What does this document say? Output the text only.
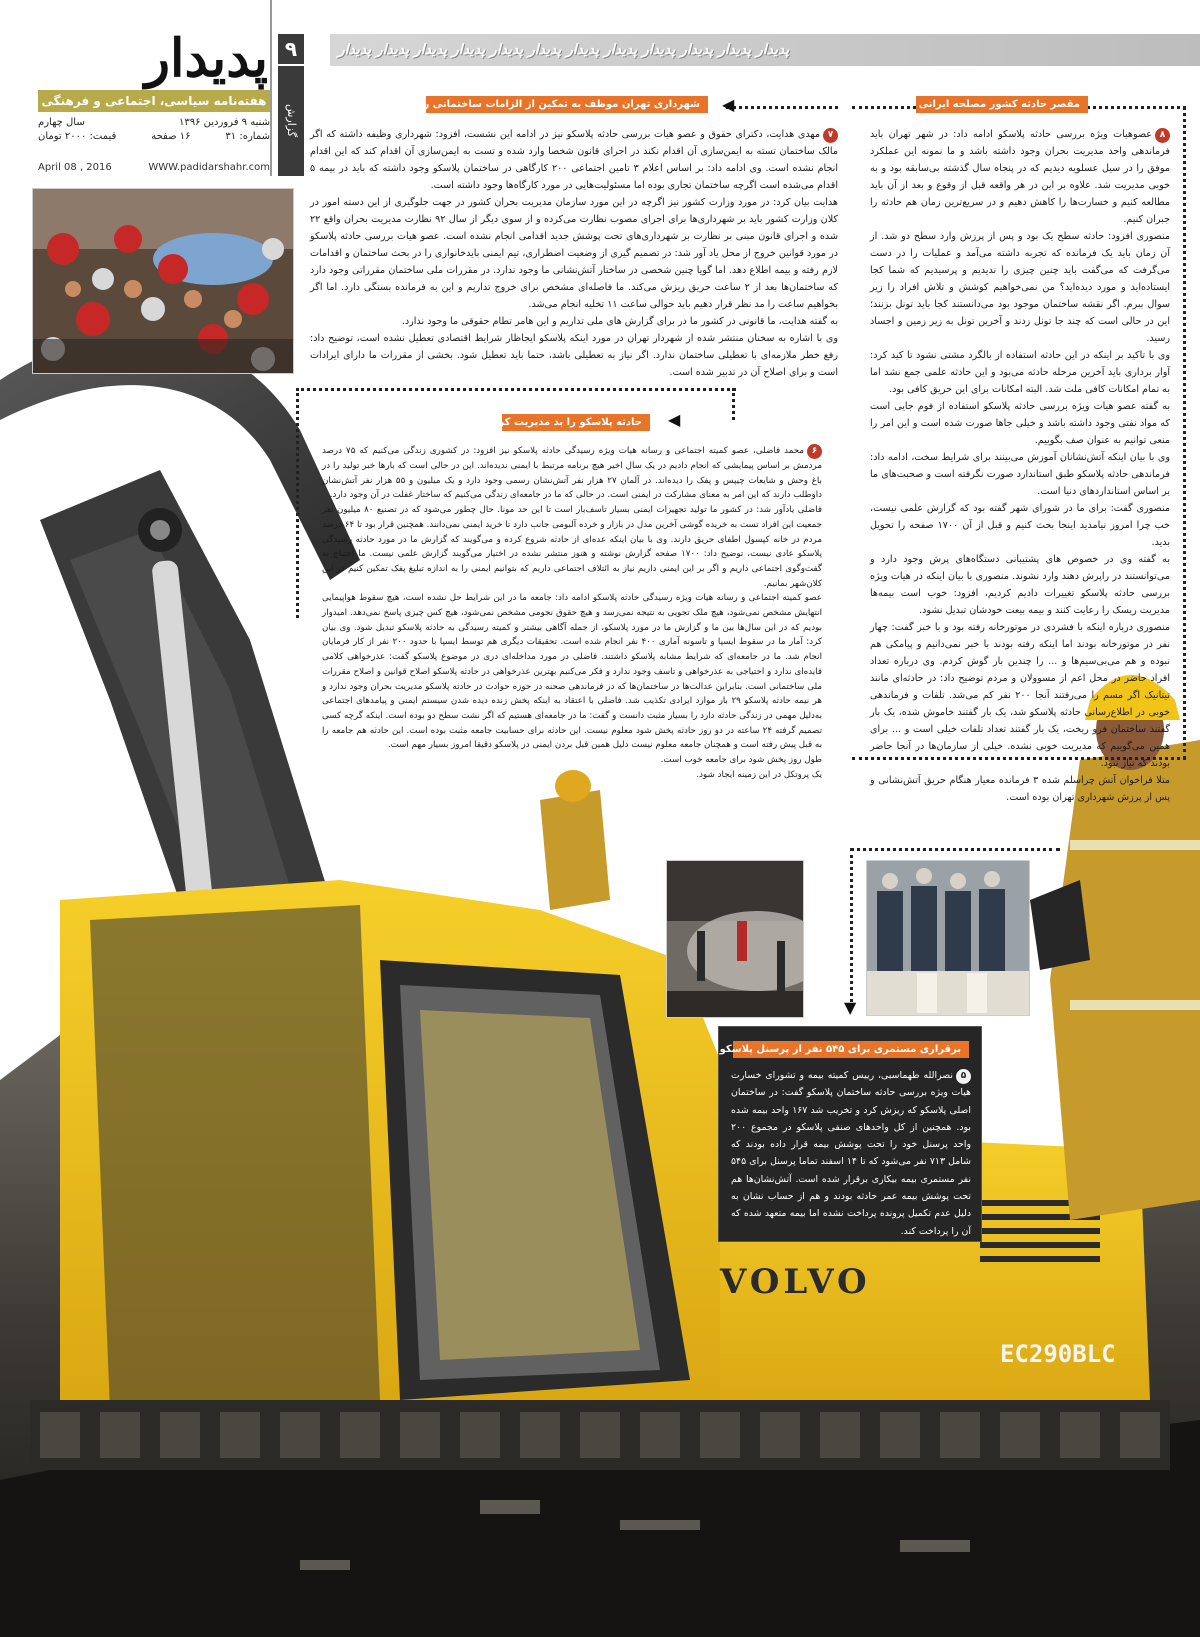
پدیدار
هفته‌نامه سیاسی، اجتماعی و فرهنگی
شنبه ۹ فروردین ۱۳۹۶
سال چهارم
شماره: ۳۱
۱۶ صفحه
قیمت: ۲۰۰۰ تومان
April 08 , 2016	WWW.padidarshahr.com
۹
گزارش
پدیدار پدیدار پدیدار پدیدار پدیدار پدیدار پدیدار پدیدار پدیدار پدیدار پدیدار پدیدار
◀
◀
▼
مقصر حادثه کشور مصلحه ایرانی

۸عصوهیات ویژه بررسی حادثه پلاسکو ادامه داد: در شهر تهران باید فرماندهی واحد مدیریت بحران وجود داشته باشد و ما نمونه این عملکرد موفق را در سیل عسلویه دیدیم که در پنجاه سال گذشته بی‌سابقه بود و به خوبی مدیریت شد. علاوه بر این در هر واقعه قبل از وقوع و بعد از آن باید مطالعه کنیم و خسارت‌ها را کاهش دهیم و در سریع‌ترین زمان هم حادثه را جبران کنیم.

منصوری افزود: حادثه سطح یک بود و پس از پرزش وارد سطح دو شد. از آن زمان باید یک فرمانده که تجربه داشته می‌آمد و عملیات را در دست می‌گرفت که می‌گفت باید چنین چیزی را ندیدیم و پرسیدیم که شما کجا ایستاده‌اید و مورد دیده‌اید؟ من نمی‌خواهیم کوشش و تلاش افراد را زیر سوال ببرم. اگر نقشه ساختمان موجود بود می‌دانستند کجا باید تونل بزنند؛ این در حالی است که چند جا تونل زدند و آخرین تونل به زیر زمین و اجساد رسید.

وی با تاکید بر اینکه در این حادثه استفاده از بالگرد مشتی نشود تا کید کرد: آوار برداری باید آخرین مرحله حادثه می‌بود و این حادثه علمی جمع نشد اما به تمام امکانات کافی ملت شد. البته امکانات برای این حریق کافی بود.

به گفته عصو هیات ویژه بررسی حادثه پلاسکو استفاده از فوم جایی است که مواد نفتی وجود داشته باشد و خیلی جاها صورت شده است و این امر را منعی توانیم به عنوان صف بگوییم.

وی با بیان اینکه آتش‌نشانان آموزش می‌بینند برای شرایط سخت، ادامه داد: فرماندهی حادثه پلاسکو طبق استاندارد صورت نگرفته است و صحبت‌های ما بر اساس استانداردهای دنیا است.

منصوری گفت: برای ما در شورای شهر گفته بود که گزارش علمی نیست، خب چرا امروز نیامدید اینجا بحث کنیم و قبل از آن ۱۷۰۰ صفحه را تحویل بدید.

به گفته وی در خصوص های پشتیبانی دستگاه‌های پرش وجود دارد و می‌توانستند در راپرش دهند وارد نشوند. منصوری با بیان اینکه در هیات ویژه بررسی حادثه پلاسکو تغییرات دادیم کردیم، افزود: خوب است بیمه‌ها مدیریت ریسک را رعایت کنند و بیمه بیعت خودشان تبدیل نشود.

منصوری درباره اینکه با فشردی در موتورخانه رفته بود و با خبر گفت: چهار نفر در موتورخانه بودند اما اینکه رفته بودند با خبر نمی‌دانیم و پیامکی هم نبوده و هم می‌بی‌سیم‌ها و ... را چندین بار گوش کردم. وی درباره تعداد افراد حاضر در محل اعم از مسوولان و مردم توضیح داد: در حادثه‌ای مانند تیتانیک اگر مسم را می‌رفتند آنجا ۲۰۰ نفر کم می‌شد. تلفات و فرماندهی خوبی در اطلاع‌رسانی حادثه پلاسکو شد، یک بار گفتند خاموش شده، یک بار گفتند ساختمان فرو ریخت، یک بار گفتند تعداد تلفات خیلی است و ... برای همین می‌گوییم که مدیریت خوبی نشده. خیلی از سازمان‌ها در آنجا حاضر بودند که نیاز نبود.

متلا فراخوان آتش چراسلم شده ۳ فرمانده معیار هنگام حریق آتش‌نشانی و پس از پرزش شهرداری تهران بوده است.

شهرداری تهران موظف به تمکین از الزامات ساختمانی رفاه نبوده

۷مهدی هدایت، دکترای حقوق و عصو هیات بررسی حادثه پلاسکو نیز در ادامه این نشست، افزود: شهرداری وظیفه داشته که اگر مالک ساختمان تسته به ایمن‌سازی آن اقدام نکند در اجرای قانون شخصا وارد شده و تست به ایمن‌سازی آن اقدام کند که این اقدام انجام نشده است. وی ادامه داد: بر اساس اعلام ۳ تامین اجتماعی ۲۰۰ کارگاهی در ساختمان پلاسکو وجود داشته که باید در بیمه ۵ اقدام می‌شده است اگرچه ساختمان تجاری بوده اما مسئولیت‌هایی در مورد کارگاه‌ها وجود داشته است.

هدایت بیان کرد: در مورد وزارت کشور نیز اگرچه در این مورد سازمان مدیریت بحران کشور در جهت جلوگیری از این دسته امور در کلان وزارت کشور باید بر شهرداری‌ها برای اجرای مصوب نظارت می‌کرده و از سوی دیگر از سال ۹۲ نظارت مدیریت بحران واقع ۲۲ شده و اجرای قانون مبنی بر نظارت بر شهرداری‌های تحت پوشش جدید اقدامی انجام نشده است. عصو هیات بررسی حادثه پلاسکو در مورد قوانین خروج از محل یاد آور شد: در تصمیم گیری از وضعیت اضطراری، تیم ایمنی بایدخانواری را در بحث ساختمان و اقدامات لازم رفته و بیمه اطلاع دهد. اما گویا چنین شخصی در ساختار آتش‌نشانی ما وجود ندارد. در مقررات ملی ساختمان مقرراتی وجود دارد که ساختمان‌ها بعد از ۲ ساعت حریق ریزش می‌کند. ما فاصله‌ای مشخص برای خروج تداریم و این به فرمانده بستگی دارد. اما اگر بخواهیم ساعت را مد نظر قرار دهیم باید حوالی ساعت ۱۱ تخلیه انجام می‌شد.

به گفته هدایت، ما قانونی در کشور ما در برای گزارش های ملی تداریم و این هامر تطام حقوقی ما وجود ندارد.

وی با اشاره به سخنان منتشر شده از شهردار تهران در مورد اینکه پلاسکو ایجاظار شرایط اقتصادی تعطیل نشده است، توضیح داد: رفع خطر ملازمه‌ای با تعطیلی ساختمان ندارد. اگر نیاز به تعطیلی باشد، حتما باید تعطیل شود. بخشی از مقررات ما دارای ایرادات است و برای اصلاح آن در تدبیر شده است.

حادثه پلاسکو را بد مدیریت کردیم

۶محمد فاضلی، عصو کمیته اجتماعی و رسانه هیات ویژه رسیدگی حادثه پلاسکو نیز افزود: در کشوری زندگی می‌کنیم که ۷۵ درصد مردمش بر اساس پیمایشی که انجام دادیم در یک سال اخیر هیچ برنامه مرتبط با ایمنی ندیده‌اند. این در حالی است که بارها خبر تولید را در باغ وحش و شایعات چیپس و پفک را دیده‌اند. در آلمان ۲۷ هزار نفر آتش‌نشان رسمی وجود دارد و یک میلیون و ۵۵ هزار نفر آتش‌نشان داوطلب دارند که این امر به معنای مشارکت در ایمنی است. در حالی که ما در جامعه‌ای زندگی می‌کنیم که ساختار غفلت در آن وجود دارد.

فاضلی یادآور شد: در کشور ما تولید تجهیزات ایمنی بسیار تاسف‌بار است تا این حد مونا. حال چطور می‌شود که در تصنیع ۸۰ میلیون نفر جمعیت این افراد تست به خریده گوشی آخرین مدل در بازار و خرده آلبومی جانب دارد تا خرید ایمنی نمی‌دانند. همچنین قرار بود تا ۶۴ درصد مردم در خانه کپسول اطفای حریق دارند. وی با بیان اینکه عده‌ای از حادثه شروع کرده و می‌گویند که گزارش ما در مورد حادثه رسیدگی پلاسکو عادی نیست، توضیح داد: ۱۷۰۰ صفحه گزارش نوشته و هنوز منتشر نشده در اختیار می‌گویند گزارش علمی نیست. ما احتیاج به گفت‌وگوی اجتماعی داریم و اگر بر این ایمنی داریم نیاز به ائتلاف اجتماعی داریم که بتوانیم ایمنی را به اندازه تبلیغ پفک تمکین کنیم در این کلان‌شهر بمانیم.

عصو کمیته اجتماعی و رسانه هیات ویژه رسیدگی حادثه پلاسکو ادامه داد: جامعه ما در این شرایط حل نشده است، هیچ سقوط هواپیمایی انتهایش مشخص نمی‌شود، هیچ ملک تجویی به نتیجه نمی‌رسد و هیچ حقوق نجومی مشخص نمی‌شود، هیچ کس چیزی پاسخ نمی‌دهد. امیدوار بودیم که در این سال‌ها بین ما و گزارش ما در مورد پلاسکو، از جمله آگاهی بیشتر و کمیته رسیدگی به حادثه پلاسکو تبدیل شود. وی بیان کرد: آمار ما در سقوط ایسپا و تاسونه آماری ۴۰۰ نفر انجام شده است. تحقیقات دیگری هم توسط ایسپا با حدود ۲۰۰ نفر از کار فرمایان انجام شد. ما در جامعه‌ای که شرایط مشابه پلاسکو داشتند. فاضلی در مورد مداخله‌ای دری در موضوع پلاسکو گفت: عذرخواهی کلامی فایده‌ای ندارد و احتیاجی به عذرخواهی و تاسف وجود ندارد و فکر می‌کنیم بهترین عذرخواهی در حادثه پلاسکو اصلاح قوانین و اصلاح مقررات ملی ساختمانی است. بنابراین عدالت‌ها در ساختمان‌ها که در فرماندهی صحنه در حوزه حوادث در حادثه پلاسکو مدیریت بحران وجود ندارد و هر نیمه حادثه پلاسکو ۲۹ بار موارد ایرادی تکذیب شد. فاضلی با اعتقاد به اینکه پخش زنده دیده شدن سیستم ایمنی و پیامدهای اجتماعی به‌دلیل مهمی در زندگی حادثه دارد را بسیار مثبت دانست و گفت: ما در جامعه‌ای هستیم که اگر نشت سطح دو بوده است. اینکه گرچه کسی تصمیم گرفته ۲۴ ساعته در دو روز حادثه پخش شود معلوم نیست. این حادثه برای حسابیت جامعه مثبت بوده است. این حادثه هم جامعه را به قبل پیش رفته است و همچنان جامعه معلوم نیست دلیل همین قبل بردن ایمنی در پلاسکو دقیقا امروز بسیار مهم است.

طول روز پخش شود برای جامعه خوب است.

یک پروتکل در این زمینه ایجاد شود.

برقراری مستمری برای ۵۴۵ نفر از پرسنل پلاسکو

۵نصرالله طهماسبی، رییس کمیته بیمه و تشورای خسارت هیات ویژه بررسی حادثه ساختمان پلاسکو گفت: در ساختمان اصلی پلاسکو که ریزش کرد و تخریب شد ۱۶۷ واحد بیمه شده بود. همچنین از کل واحدهای صنفی پلاسکو در مجموع ۲۰۰ واحد پرسنل خود را تحت پوشش بیمه قرار داده بودند که شامل ۷۱۳ نفر می‌شود که تا ۱۴ اسفند تماما پرسنل برای ۵۴۵ نفر مستمری بیمه بیکاری برقرار شده است. آتش‌نشان‌ها هم تحت پوشش بیمه عمر حادثه بودند و هم از حساب نشان به دلیل عدم تکمیل پرونده پرداخت نشده اما بیمه متعهد شده که آن را پرداخت کند.

VOLVO
EC290BLC
